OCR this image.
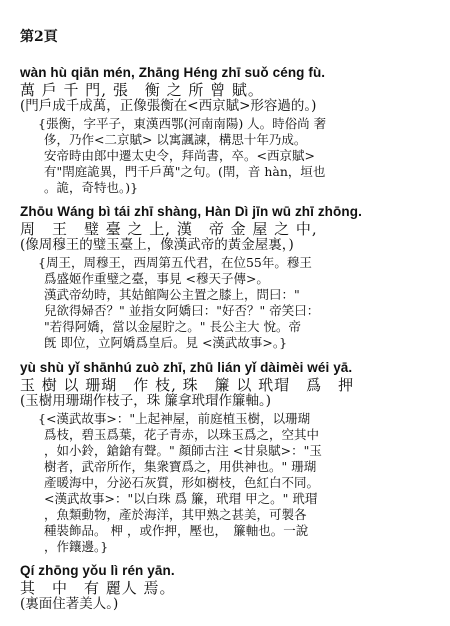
第2頁
wàn hù qiān mén, Zhāng Héng zhī suǒ céng fù.
萬 戶 千 門, 張　衡 之 所 曾 賦。
(門戶成千成萬，正像張衡在<西京賦>形容過的。)
{張衡，字平子，東漢西鄂(河南南陽) 人。時俗尚 奢
侈，乃作<二京賦> 以寓諷諫，構思十年乃成。
安帝時由郎中遷太史令，拜尚書，卒。<西京賦>
有"閈庭詭異，門千戶萬"之句。(閈，音 hàn，垣也
。詭，奇特也。)}
Zhōu Wáng bì tái zhī shàng, Hàn Dì jīn wū zhī zhōng.
周　王　璧 臺 之 上, 漢　帝 金 屋 之 中,
(像周穆王的璧玉臺上，像漢武帝的黃金屋裏，)
{周王，周穆王，西周第五代君，在位55年。穆王
爲盛姬作重璧之臺，事見 <穆天子傳>。
漢武帝幼時，其姑館陶公主置之膝上，問曰："
兒欲得婦否？" 並指女阿嬌曰："好否？" 帝笑曰：
"若得阿嬌，當以金屋貯之。" 長公主大 悅。帝
旣 即位，立阿嬌爲皇后。見 <漢武故事>。}
yù shù yǐ shānhú zuò zhī, zhū lián yǐ dàimèi wéi yā.
玉 樹 以 珊瑚　作 枝, 珠　簾 以 玳瑁　爲　押
(玉樹用珊瑚作枝子，珠 簾拿玳瑁作簾軸。)
{<漢武故事>："上起神屋，前庭植玉樹，以珊瑚
爲枝，碧玉爲葉，花子青赤，以珠玉爲之，空其中
，如小鈴，鎗鎗有聲。" 顏師古注 <甘泉賦>："玉
樹者，武帝所作，集衆寶爲之，用供神也。" 珊瑚
產暖海中，分泌石灰質，形如樹枝，色紅白不同。
<漢武故事>："以白珠 爲 簾，玳瑁 甲之。" 玳瑁
，魚類動物，產於海洋，其甲熟之甚美，可製各
種裝飾品。 柙 ，或作押，壓也，　簾軸也。一說
，作鑲邊。}
Qí zhōng yǒu lì rén yān.
其　中　有 麗人 焉。
(裏面住著美人。)
